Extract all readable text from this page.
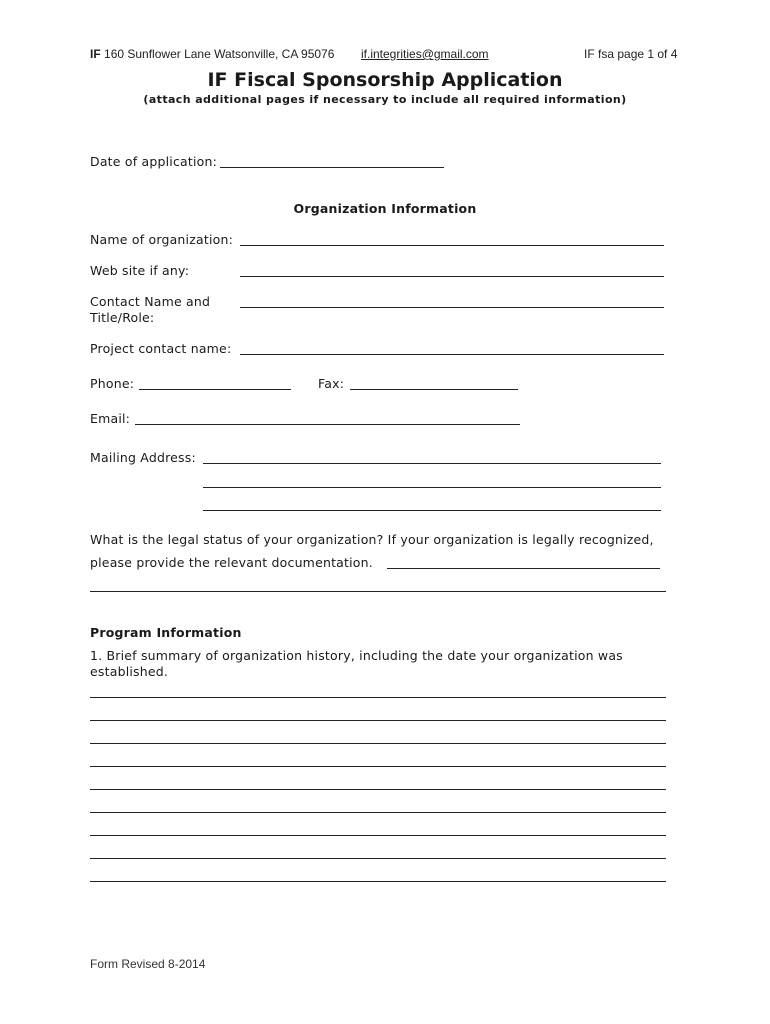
IF 160 Sunflower Lane Watsonville, CA 95076 if.integrities@gmail.com	IF fsa page 1 of 4
IF Fiscal Sponsorship Application
(attach additional pages if necessary to include all required information)
Date of application:
Organization Information
Name of organization:
Web site if any:
Contact Name and
Title/Role:
Project contact name:
Phone:	Fax:
Email:
Mailing Address:
What is the legal status of your organization? If your organization is legally recognized,
please provide the relevant documentation.
Program Information
1. Brief summary of organization history, including the date your organization was
established.
Form Revised 8-2014
